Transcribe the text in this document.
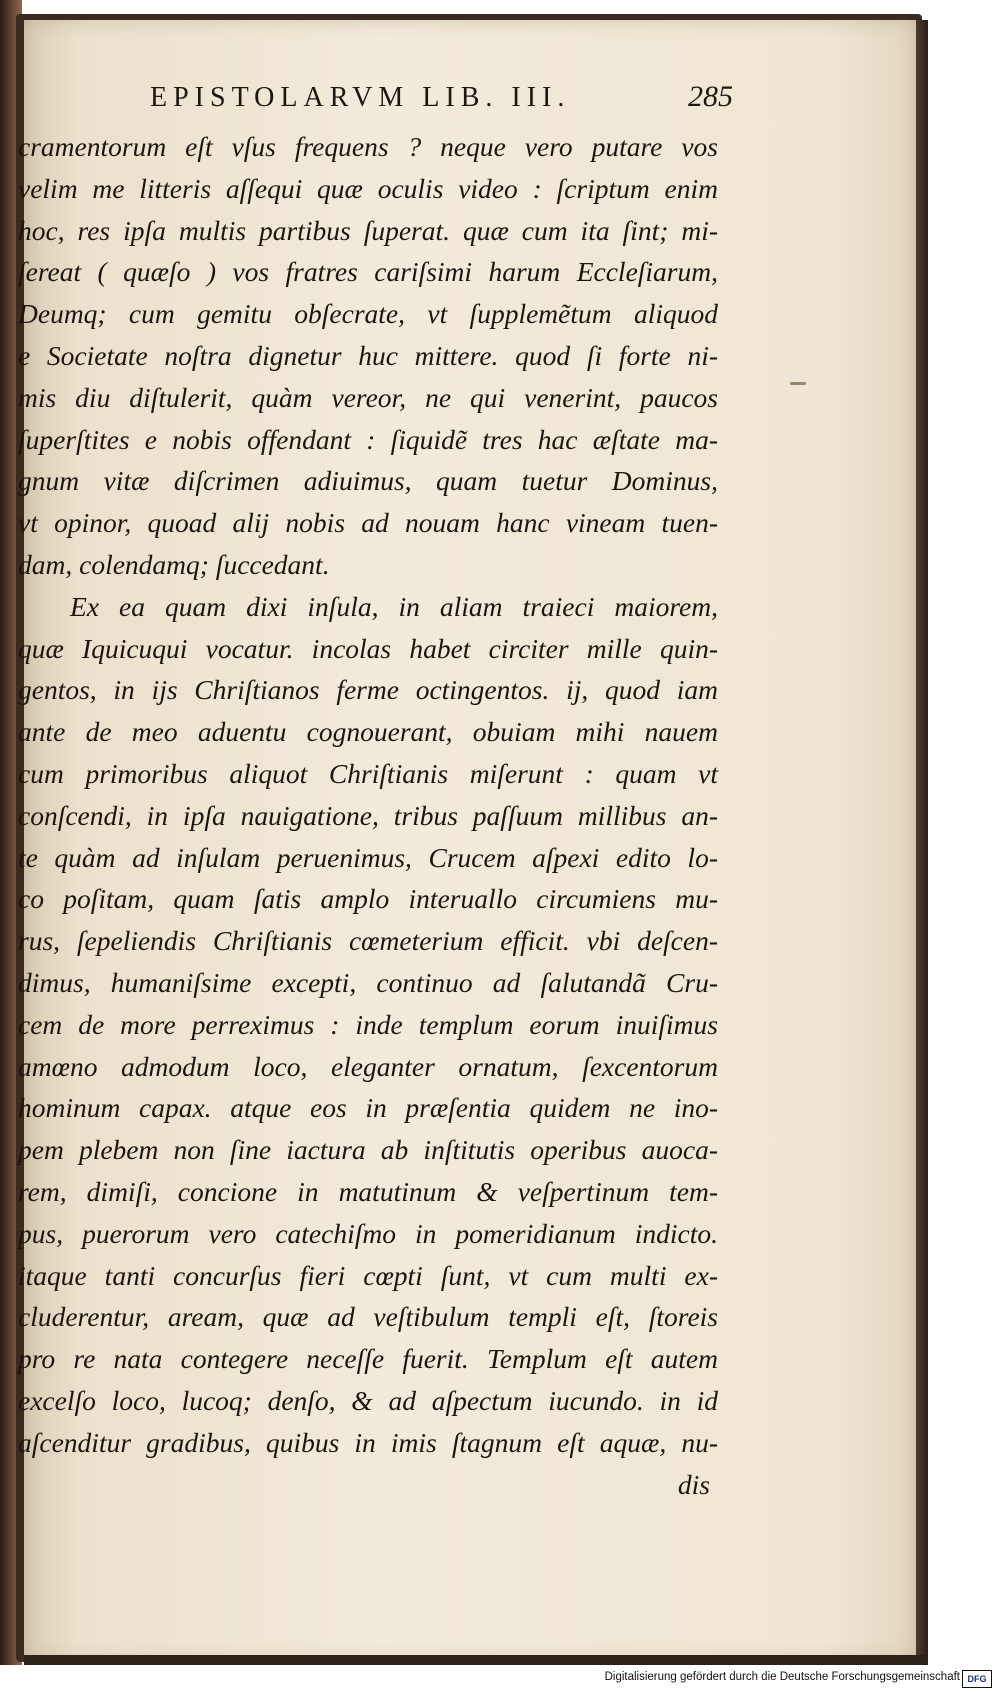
EPISTOLARVM LIB. III.	285
cramentorum eſt vſus frequens ? neque vero putare vos
velim me litteris aſſequi quæ oculis video : ſcriptum enim
hoc, res ipſa multis partibus ſuperat. quæ cum ita ſint; mi-
ſereat ( quæſo ) vos fratres cariſsimi harum Eccleſiarum,
Deumq; cum gemitu obſecrate, vt ſupplemẽtum aliquod
e Societate noſtra dignetur huc mittere. quod ſi forte ni-
mis diu diſtulerit, quàm vereor, ne qui venerint, paucos
ſuperſtites e nobis offendant : ſiquidẽ tres hac æſtate ma-
gnum vitæ diſcrimen adiuimus, quam tuetur Dominus,
vt opinor, quoad alij nobis ad nouam hanc vineam tuen-
dam, colendamq; ſuccedant.
Ex ea quam dixi inſula, in aliam traieci maiorem,
quæ Iquicuqui vocatur. incolas habet circiter mille quin-
gentos, in ijs Chriſtianos ferme octingentos. ij, quod iam
ante de meo aduentu cognouerant, obuiam mihi nauem
cum primoribus aliquot Chriſtianis miſerunt : quam vt
conſcendi, in ipſa nauigatione, tribus paſſuum millibus an-
te quàm ad inſulam peruenimus, Crucem aſpexi edito lo-
co poſitam, quam ſatis amplo interuallo circumiens mu-
rus, ſepeliendis Chriſtianis cœmeterium efficit. vbi deſcen-
dimus, humaniſsime excepti, continuo ad ſalutandã Cru-
cem de more perreximus : inde templum eorum inuiſimus
amœno admodum loco, eleganter ornatum, ſexcentorum
hominum capax. atque eos in præſentia quidem ne ino-
pem plebem non ſine iactura ab inſtitutis operibus auoca-
rem, dimiſi, concione in matutinum & veſpertinum tem-
pus, puerorum vero catechiſmo in pomeridianum indicto.
itaque tanti concurſus fieri cœpti ſunt, vt cum multi ex-
cluderentur, aream, quæ ad veſtibulum templi eſt, ſtoreis
pro re nata contegere neceſſe fuerit. Templum eſt autem
excelſo loco, lucoq; denſo, & ad aſpectum iucundo. in id
aſcenditur gradibus, quibus in imis ſtagnum eſt aquæ, nu-
dis
Digitalisierung gefördert durch die Deutsche Forschungsgemeinschaft DFG
